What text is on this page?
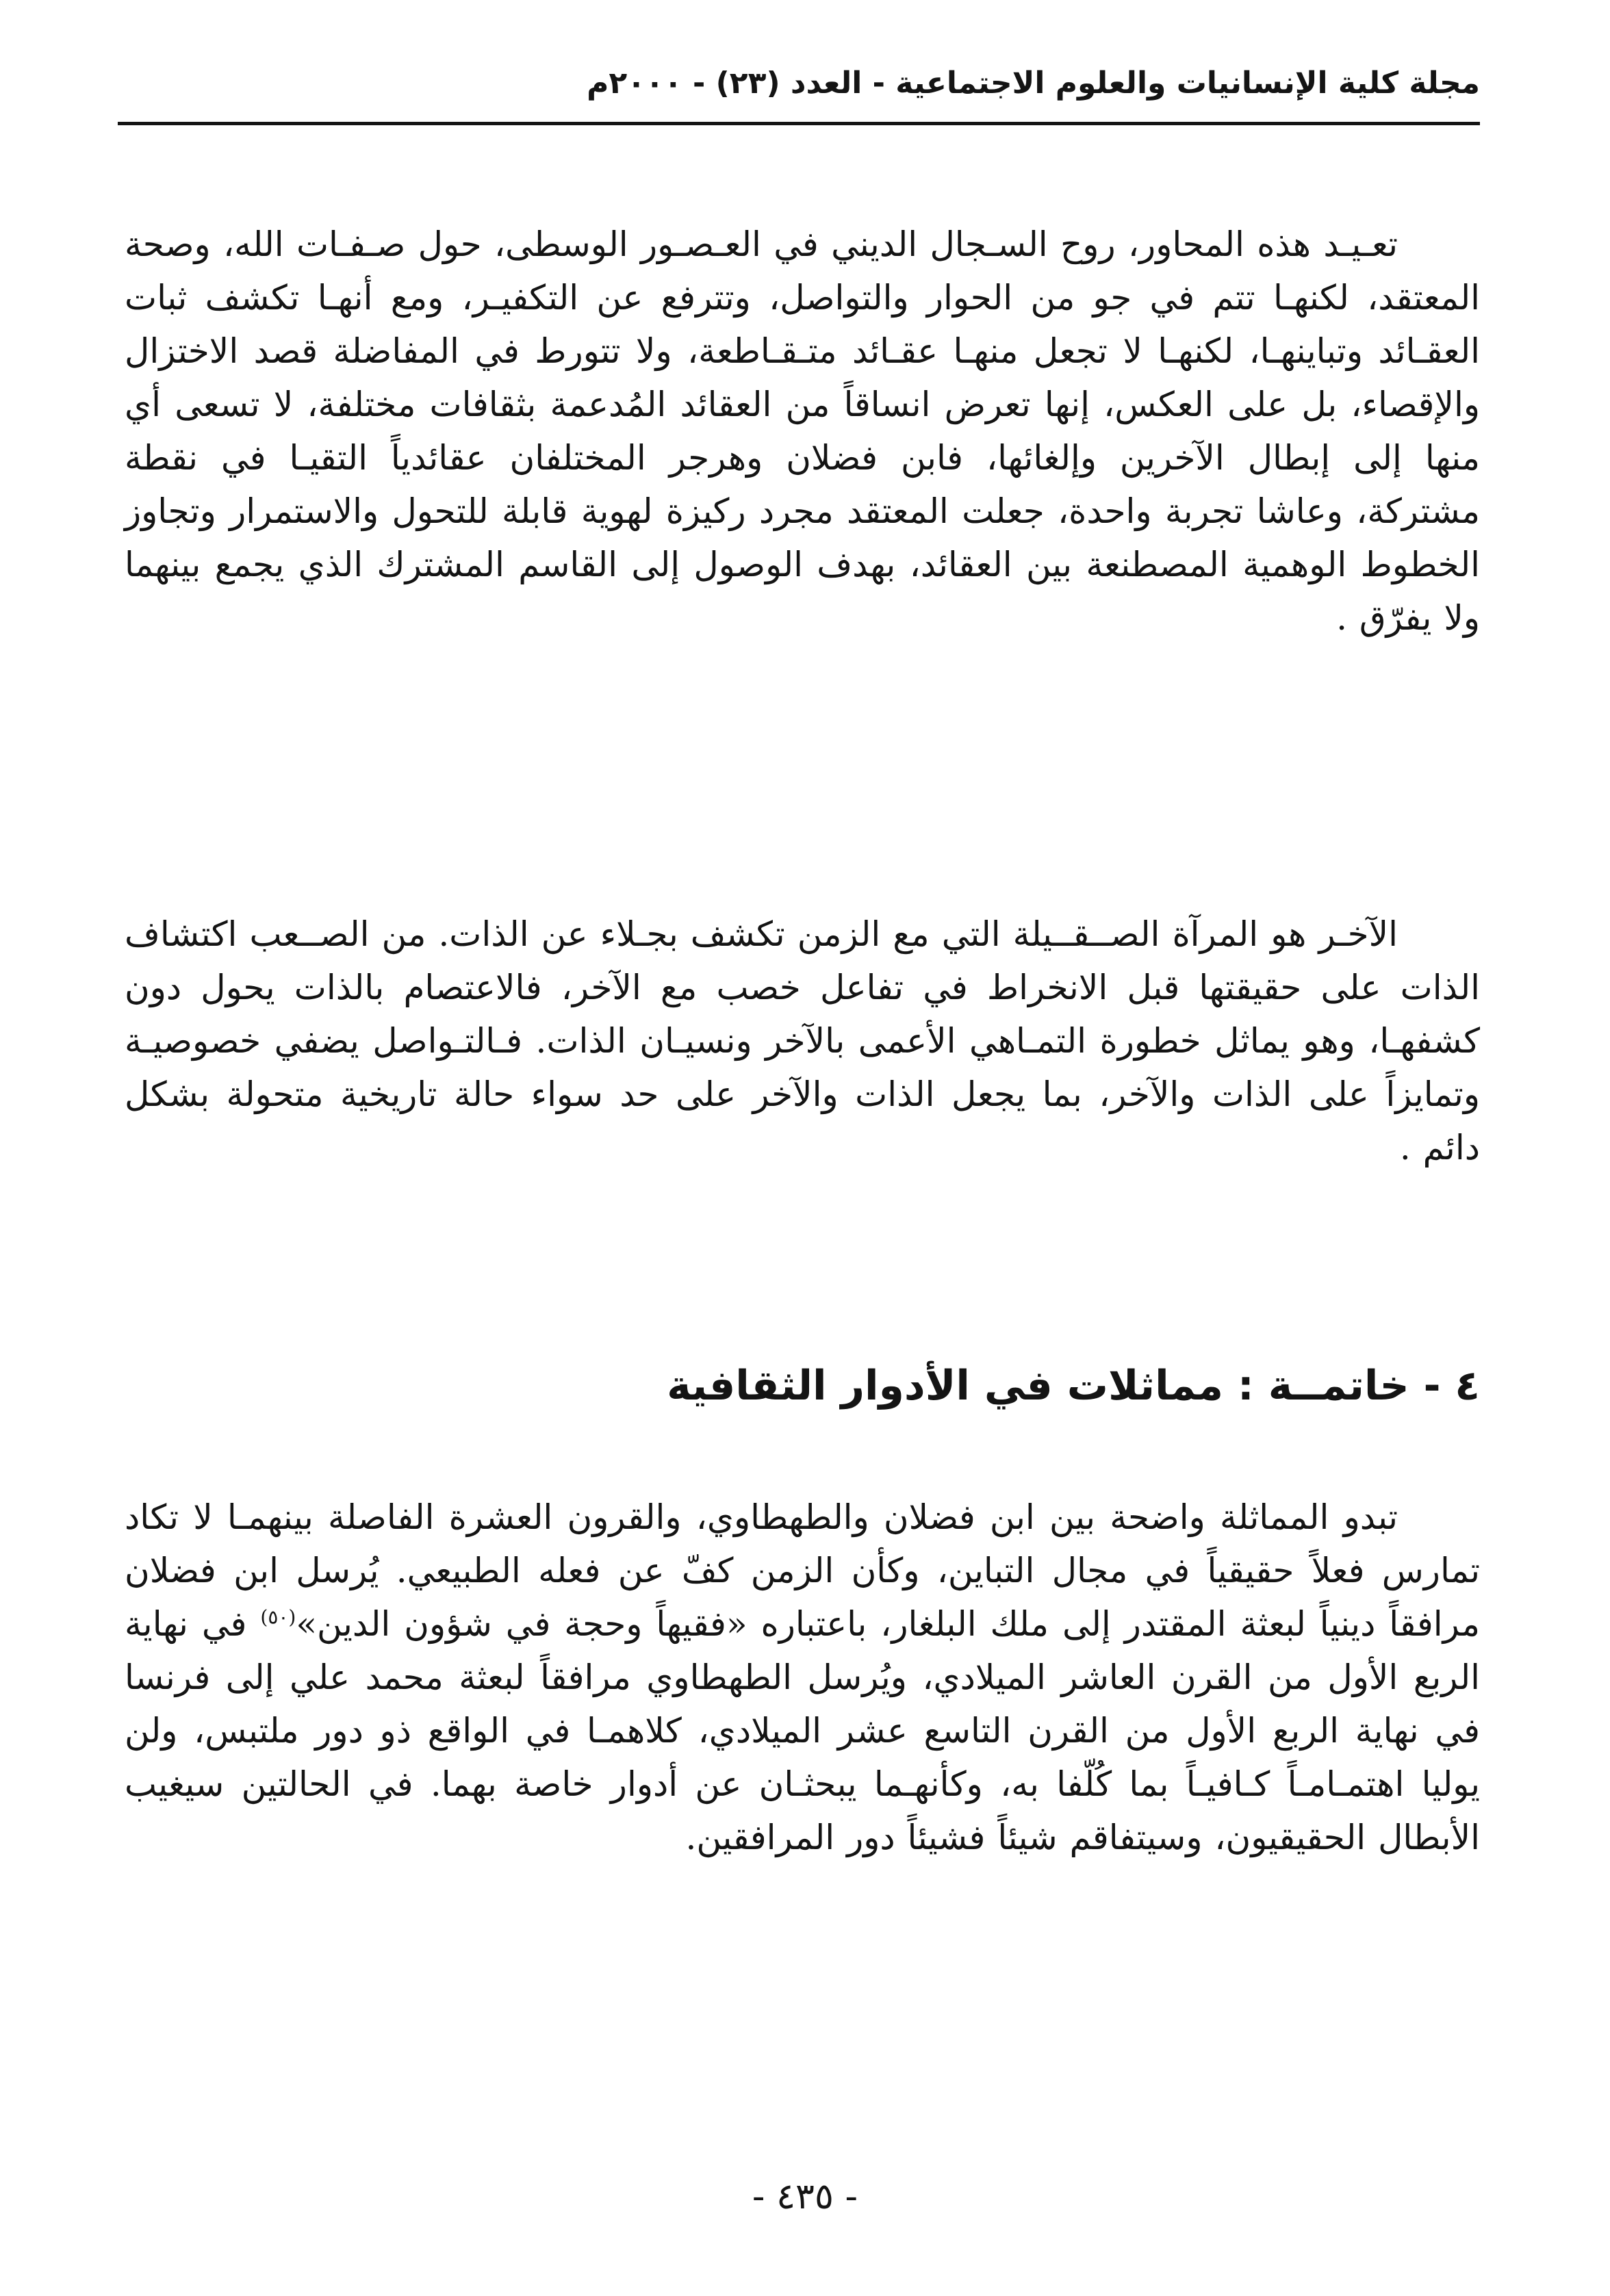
مجلة كلية الإنسانيات والعلوم الاجتماعية - العدد (٢٣) - ٢٠٠٠م

تعـيـد هذه المحاور، روح السـجال الديني في العـصـور الوسطى، حول صـفـات الله، وصحة المعتقد، لكنهـا تتم في جو من الحوار والتواصل، وتترفع عن التكفيـر، ومع أنهـا تكشف ثبات العقـائد وتباينهـا، لكنهـا لا تجعل منهـا عقـائد متـقـاطعة، ولا تتورط في المفاضلة قصد الاختزال والإقصاء، بل على العكس، إنها تعرض انساقاً من العقائد المُدعمة بثقافات مختلفة، لا تسعى أي منها إلى إبطال الآخرين وإلغائها، فابن فضلان وهرجر المختلفان عقائدياً التقيـا في نقطة مشتركة، وعاشا تجربة واحدة، جعلت المعتقد مجرد ركيزة لهوية قابلة للتحول والاستمرار وتجاوز الخطوط الوهمية المصطنعة بين العقائد، بهدف الوصول إلى القاسم المشترك الذي يجمع بينهما ولا يفرّق .

الآخـر هو المرآة الصــقــيلة التي مع الزمن تكشف بجـلاء عن الذات. من الصــعب اكتشاف الذات على حقيقتها قبل الانخراط في تفاعل خصب مع الآخر، فالاعتصام بالذات يحول دون كشفهـا، وهو يماثل خطورة التمـاهي الأعمى بالآخر ونسيـان الذات. فـالتـواصل يضفي خصوصيـة وتمايزاً على الذات والآخر، بما يجعل الذات والآخر على حد سواء حالة تاريخية متحولة بشكل دائم .

٤ - خاتمــة : مماثلات في الأدوار الثقافية

تبدو المماثلة واضحة بين ابن فضلان والطهطاوي، والقرون العشرة الفاصلة بينهمـا لا تكاد تمارس فعلاً حقيقياً في مجال التباين، وكأن الزمن كفّ عن فعله الطبيعي. يُرسل ابن فضلان مرافقاً دينياً لبعثة المقتدر إلى ملك البلغار، باعتباره «فقيهاً وحجة في شؤون الدين»$^{(٥٠)}$ في نهاية الربع الأول من القرن العاشر الميلادي، ويُرسل الطهطاوي مرافقاً لبعثة محمد علي إلى فرنسا في نهاية الربع الأول من القرن التاسع عشر الميلادي، كلاهمـا في الواقع ذو دور ملتبس، ولن يوليا اهتمـامـاً كـافيـاً بما كُلّفا به، وكأنهـما يبحثـان عن أدوار خاصة بهما. في الحالتين سيغيب الأبطال الحقيقيون، وسيتفاقم شيئاً فشيئاً دور المرافقين.

- ٤٣٥ -
